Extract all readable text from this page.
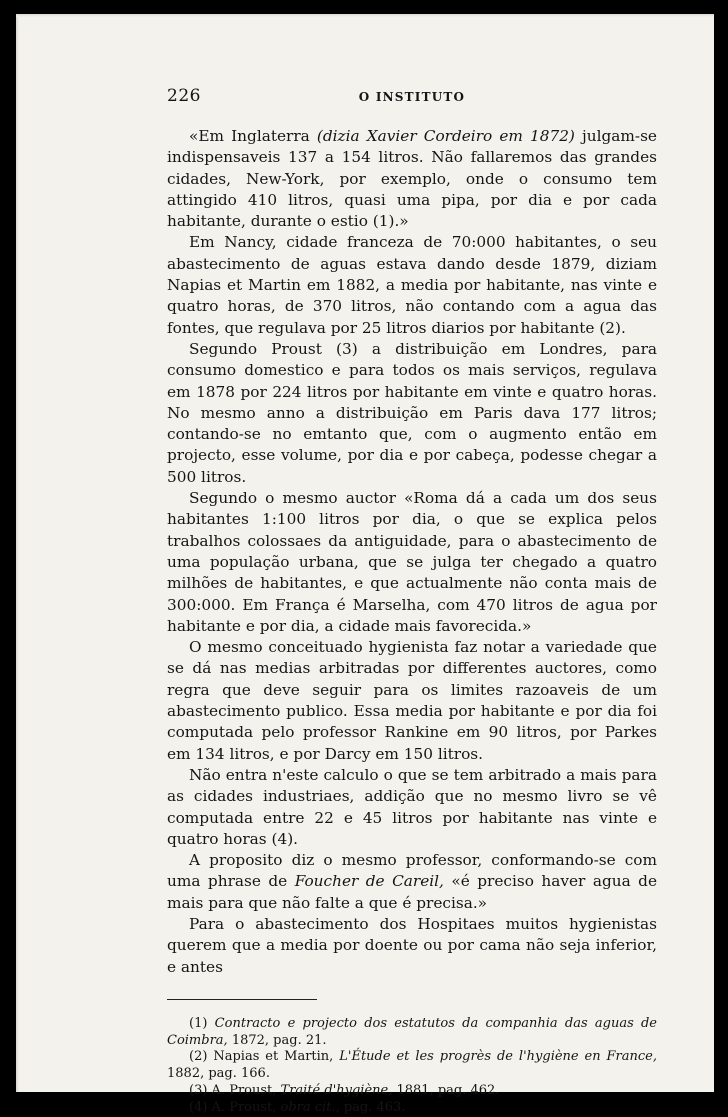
226	O INSTITUTO

«Em Inglaterra (dizia Xavier Cordeiro em 1872) julgam-se indispensaveis 137 a 154 litros. Não fallaremos das grandes cidades, New-York, por exemplo, onde o consumo tem attingido 410 litros, quasi uma pipa, por dia e por cada habitante, durante o estio (1).»

Em Nancy, cidade franceza de 70:000 habitantes, o seu abastecimento de aguas estava dando desde 1879, diziam Napias et Martin em 1882, a media por habitante, nas vinte e quatro horas, de 370 litros, não contando com a agua das fontes, que regulava por 25 litros diarios por habitante (2).

Segundo Proust (3) a distribuição em Londres, para consumo domestico e para todos os mais serviços, regulava em 1878 por 224 litros por habitante em vinte e quatro horas. No mesmo anno a distribuição em Paris dava 177 litros; contando-se no emtanto que, com o augmento então em projecto, esse volume, por dia e por cabeça, podesse chegar a 500 litros.

Segundo o mesmo auctor «Roma dá a cada um dos seus habitantes 1:100 litros por dia, o que se explica pelos trabalhos colossaes da antiguidade, para o abastecimento de uma população urbana, que se julga ter chegado a quatro milhões de habitantes, e que actualmente não conta mais de 300:000. Em França é Marselha, com 470 litros de agua por habitante e por dia, a cidade mais favorecida.»

O mesmo conceituado hygienista faz notar a variedade que se dá nas medias arbitradas por differentes auctores, como regra que deve seguir para os limites razoaveis de um abastecimento publico. Essa media por habitante e por dia foi computada pelo professor Rankine em 90 litros, por Parkes em 134 litros, e por Darcy em 150 litros.

Não entra n'este calculo o que se tem arbitrado a mais para as cidades industriaes, addição que no mesmo livro se vê computada entre 22 e 45 litros por habitante nas vinte e quatro horas (4).

A proposito diz o mesmo professor, conformando-se com uma phrase de Foucher de Careil, «é preciso haver agua de mais para que não falte a que é precisa.»

Para o abastecimento dos Hospitaes muitos hygienistas querem que a media por doente ou por cama não seja inferior, e antes

(1) Contracto e projecto dos estatutos da companhia das aguas de Coimbra, 1872, pag. 21.

(2) Napias et Martin, L'Étude et les progrès de l'hygiène en France, 1882, pag. 166.

(3) A. Proust, Traité d'hygiène, 1881, pag. 462.

(4) A. Proust, obra cit., pag. 463.
